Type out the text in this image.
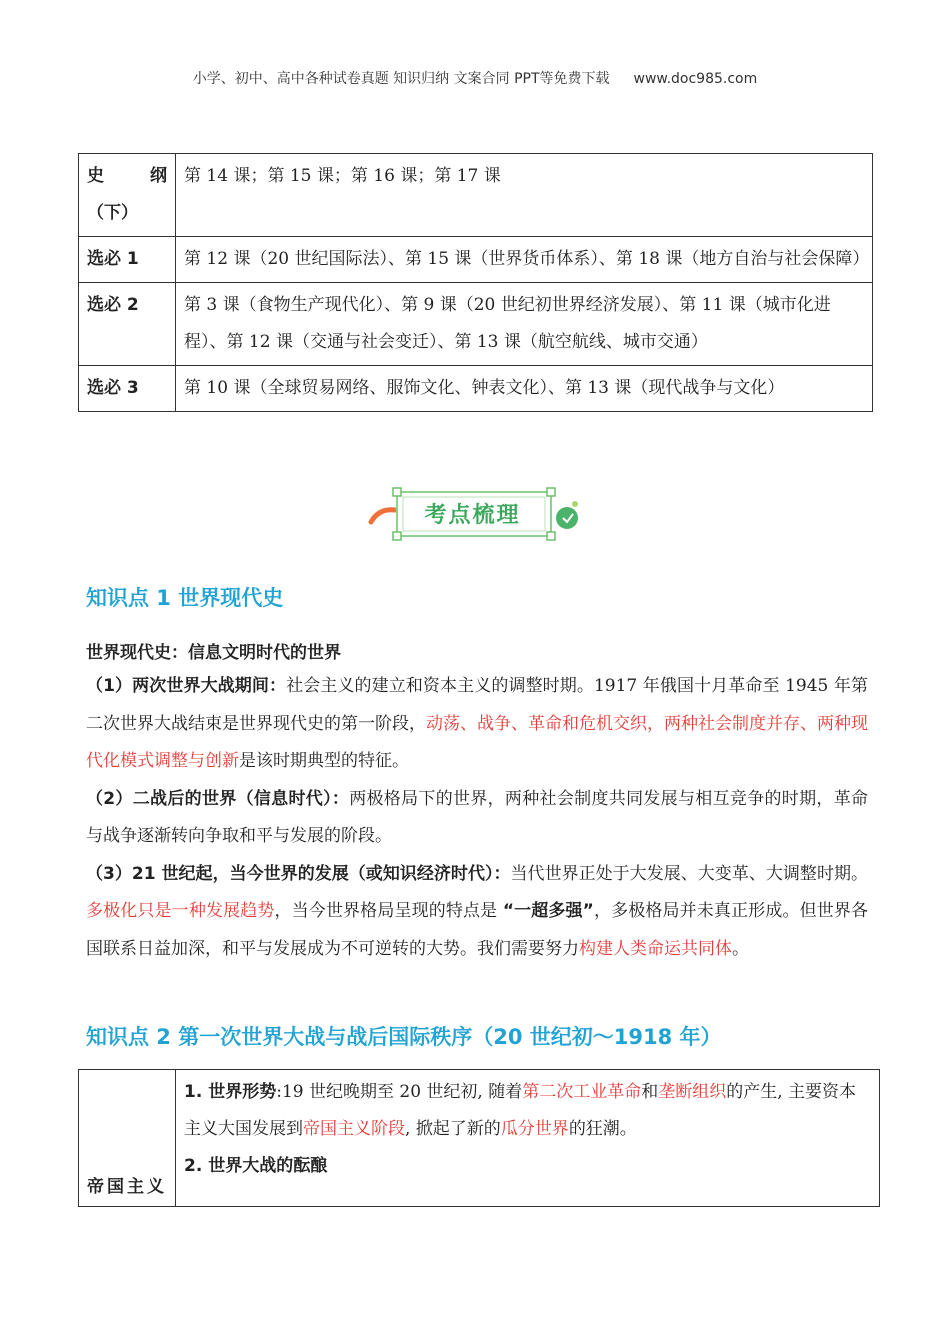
小学、初中、高中各种试卷真题 知识归纳 文案合同 PPT等免费下载 www.doc985.com
史 纲
（下）	第 14 课；第 15 课；第 16 课；第 17 课
选必 1	第 12 课（20 世纪国际法）、第 15 课（世界货币体系）、第 18 课（地方自治与社会保障）
选必 2	第 3 课（食物生产现代化）、第 9 课（20 世纪初世界经济发展）、第 11 课（城市化进程）、第 12 课（交通与社会变迁）、第 13 课（航空航线、城市交通）
选必 3	第 10 课（全球贸易网络、服饰文化、钟表文化）、第 13 课（现代战争与文化）
考点梳理
知识点 1 世界现代史
世界现代史：信息文明时代的世界

（1）两次世界大战期间：社会主义的建立和资本主义的调整时期。1917 年俄国十月革命至 1945 年第二次世界大战结束是世界现代史的第一阶段，动荡、战争、革命和危机交织，两种社会制度并存、两种现代化模式调整与创新是该时期典型的特征。

（2）二战后的世界（信息时代）：两极格局下的世界，两种社会制度共同发展与相互竞争的时期，革命与战争逐渐转向争取和平与发展的阶段。

（3）21 世纪起，当今世界的发展（或知识经济时代）：当代世界正处于大发展、大变革、大调整时期。多极化只是一种发展趋势，当今世界格局呈现的特点是 “一超多强”，多极格局并未真正形成。但世界各国联系日益加深，和平与发展成为不可逆转的大势。我们需要努力构建人类命运共同体。

知识点 2 第一次世界大战与战后国际秩序（20 世纪初～1918 年）
帝国主义	
1. 世界形势:19 世纪晚期至 20 世纪初, 随着第二次工业革命和垄断组织的产生, 主要资本主义大国发展到帝国主义阶段, 掀起了新的瓜分世界的狂潮。
2. 世界大战的酝酿
